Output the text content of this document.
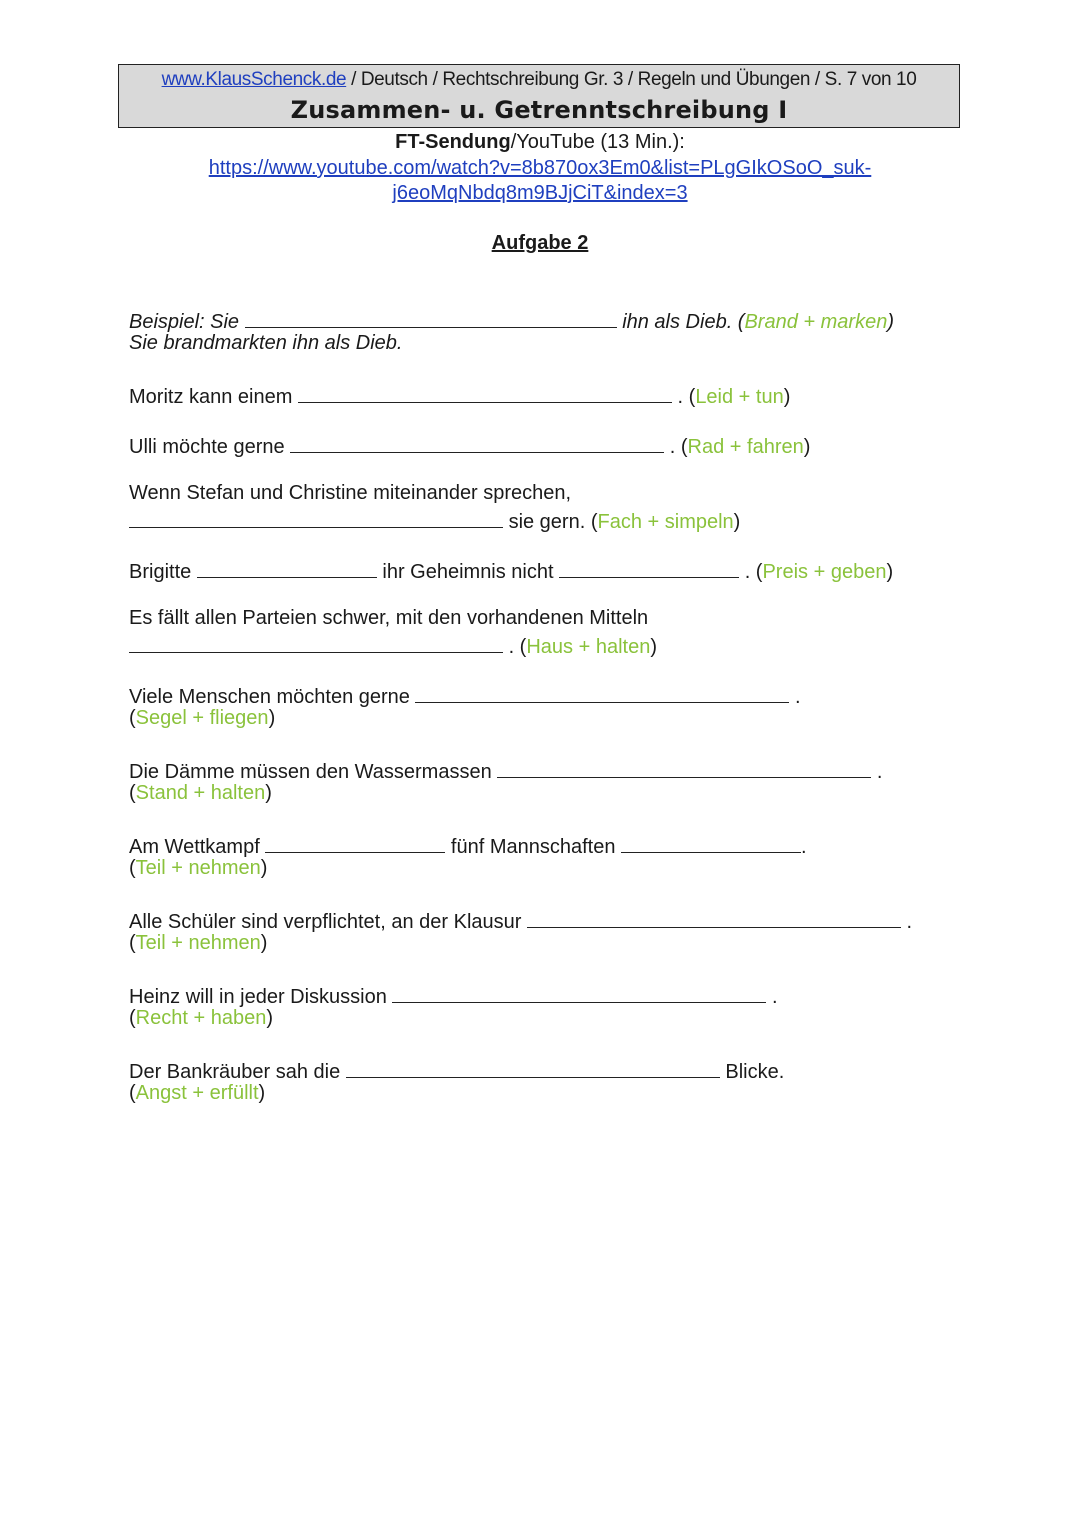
www.KlausSchenck.de / Deutsch / Rechtschreibung Gr. 3 / Regeln und Übungen / S. 7 von 10
Zusammen- u. Getrenntschreibung I
FT-Sendung/YouTube (13 Min.):
https://www.youtube.com/watch?v=8b870ox3Em0&list=PLgGIkOSoO_suk-
j6eoMqNbdq8m9BJjCiT&index=3
Aufgabe 2
Beispiel: Sie	ihn als Dieb. (Brand + marken)
Sie brandmarkten ihn als Dieb.
Moritz kann einem	. (Leid + tun)
Ulli möchte gerne	. (Rad + fahren)
Wenn Stefan und Christine miteinander sprechen,
sie gern. (Fach + simpeln)
Brigitte	ihr Geheimnis nicht	. (Preis + geben)
Es fällt allen Parteien schwer, mit den vorhandenen Mitteln
. (Haus + halten)
Viele Menschen möchten gerne	.
(Segel + fliegen)
Die Dämme müssen den Wassermassen	.
(Stand + halten)
Am Wettkampf	fünf Mannschaften	.
(Teil + nehmen)
Alle Schüler sind verpflichtet, an der Klausur	.
(Teil + nehmen)
Heinz will in jeder Diskussion	.
(Recht + haben)
Der Bankräuber sah die	Blicke.
(Angst + erfüllt)
